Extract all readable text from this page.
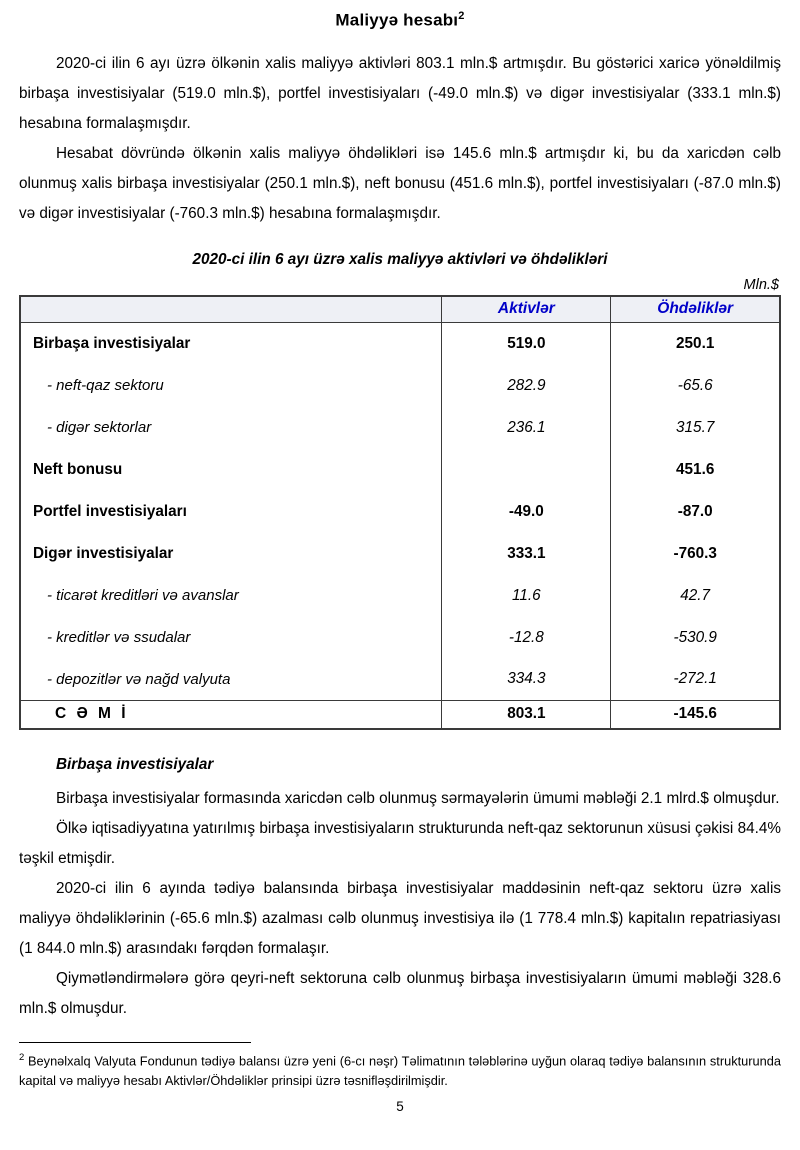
Maliyyə hesabı$^2$

2020-ci ilin 6 ayı üzrə ölkənin xalis maliyyə aktivləri 803.1 mln.$ artmışdır. Bu göstərici xaricə yönəldilmiş birbaşa investisiyalar (519.0 mln.$), portfel investisiyaları (-49.0 mln.$) və digər investisiyalar (333.1 mln.$) hesabına formalaşmışdır.

Hesabat dövründə ölkənin xalis maliyyə öhdəlikləri isə 145.6 mln.$ artmışdır ki, bu da xaricdən cəlb olunmuş xalis birbaşa investisiyalar (250.1 mln.$), neft bonusu (451.6 mln.$), portfel investisiyaları (-87.0 mln.$) və digər investisiyalar (-760.3 mln.$) hesabına formalaşmışdır.

2020-ci ilin 6 ayı üzrə xalis maliyyə aktivləri və öhdəlikləri
Mln.$
	Aktivlər	Öhdəliklər
Birbaşa investisiyalar	519.0	250.1
- neft-qaz sektoru	282.9	-65.6
- digər sektorlar	236.1	315.7
Neft bonusu		451.6
Portfel investisiyaları	-49.0	-87.0
Digər investisiyalar	333.1	-760.3
- ticarət kreditləri və avanslar	11.6	42.7
- kreditlər və ssudalar	-12.8	-530.9
- depozitlər və nağd valyuta	334.3	-272.1
C Ə M İ	803.1	-145.6
Birbaşa investisiyalar

Birbaşa investisiyalar formasında xaricdən cəlb olunmuş sərmayələrin ümumi məbləği 2.1 mlrd.$ olmuşdur.

Ölkə iqtisadiyyatına yatırılmış birbaşa investisiyaların strukturunda neft-qaz sektorunun xüsusi çəkisi 84.4% təşkil etmişdir.

2020-ci ilin 6 ayında tədiyə balansında birbaşa investisiyalar maddəsinin neft-qaz sektoru üzrə xalis maliyyə öhdəliklərinin (-65.6 mln.$) azalması cəlb olunmuş investisiya ilə (1 778.4 mln.$) kapitalın repatriasiyası (1 844.0 mln.$) arasındakı fərqdən formalaşır.

Qiymətləndirmələrə görə qeyri-neft sektoruna cəlb olunmuş birbaşa investisiyaların ümumi məbləği 328.6 mln.$ olmuşdur.

$^2$ Beynəlxalq Valyuta Fondunun tədiyə balansı üzrə yeni (6-cı nəşr) Təlimatının tələblərinə uyğun olaraq tədiyə balansının strukturunda kapital və maliyyə hesabı Aktivlər/Öhdəliklər prinsipi üzrə təsnifləşdirilmişdir.

5
